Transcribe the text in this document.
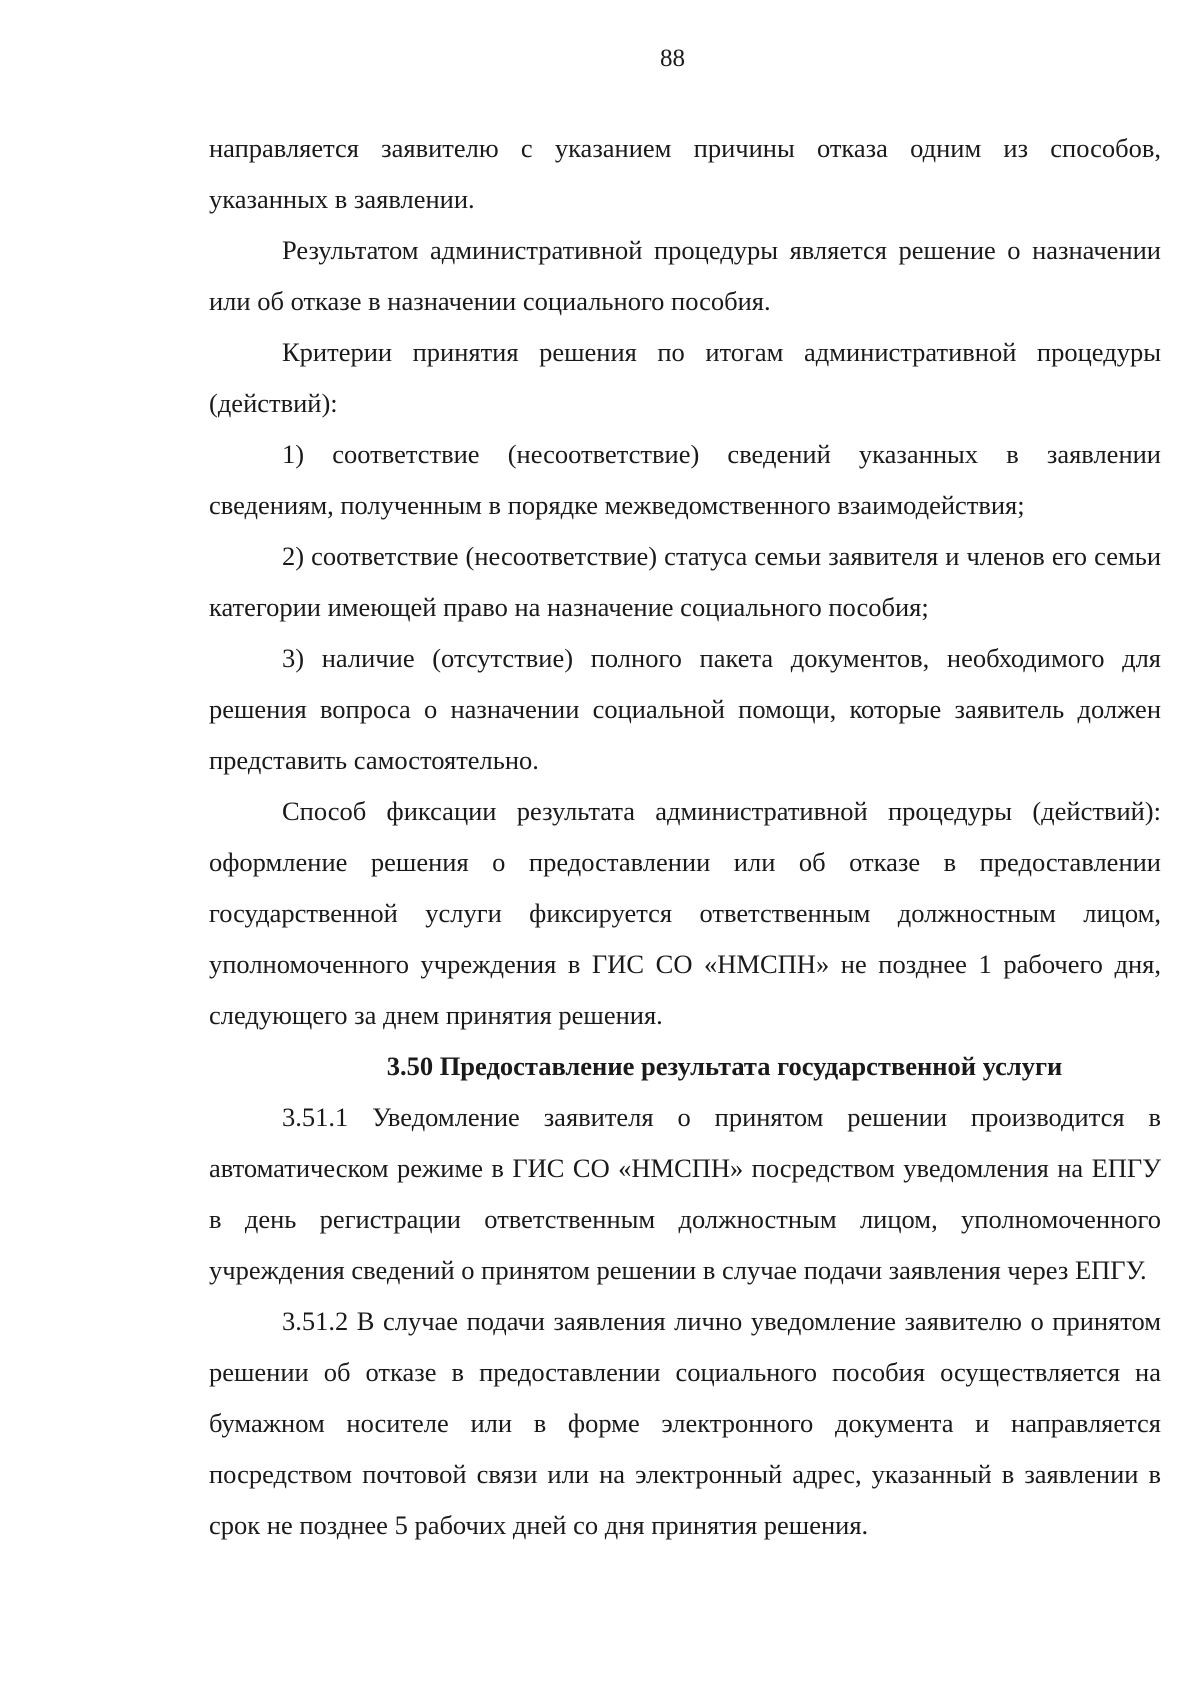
88

направляется заявителю с указанием причины отказа одним из способов, указанных в заявлении.

Результатом административной процедуры является решение о назначении или об отказе в назначении социального пособия.

Критерии принятия решения по итогам административной процедуры (действий):

1) соответствие (несоответствие) сведений указанных в заявлении сведениям, полученным в порядке межведомственного взаимодействия;

2) соответствие (несоответствие) статуса семьи заявителя и членов его семьи категории имеющей право на назначение социального пособия;

3) наличие (отсутствие) полного пакета документов, необходимого для решения вопроса о назначении социальной помощи, которые заявитель должен представить самостоятельно.

Способ фиксации результата административной процедуры (действий): оформление решения о предоставлении или об отказе в предоставлении государственной услуги фиксируется ответственным должностным лицом, уполномоченного учреждения в ГИС СО «НМСПН» не позднее 1 рабочего дня, следующего за днем принятия решения.

3.50 Предоставление результата государственной услуги

3.51.1 Уведомление заявителя о принятом решении производится в автоматическом режиме в ГИС СО «НМСПН» посредством уведомления на ЕПГУ в день регистрации ответственным должностным лицом, уполномоченного учреждения сведений о принятом решении в случае подачи заявления через ЕПГУ.

3.51.2 В случае подачи заявления лично уведомление заявителю о принятом решении об отказе в предоставлении социального пособия осуществляется на бумажном носителе или в форме электронного документа и направляется посредством почтовой связи или на электронный адрес, указанный в заявлении в срок не позднее 5 рабочих дней со дня принятия решения.
